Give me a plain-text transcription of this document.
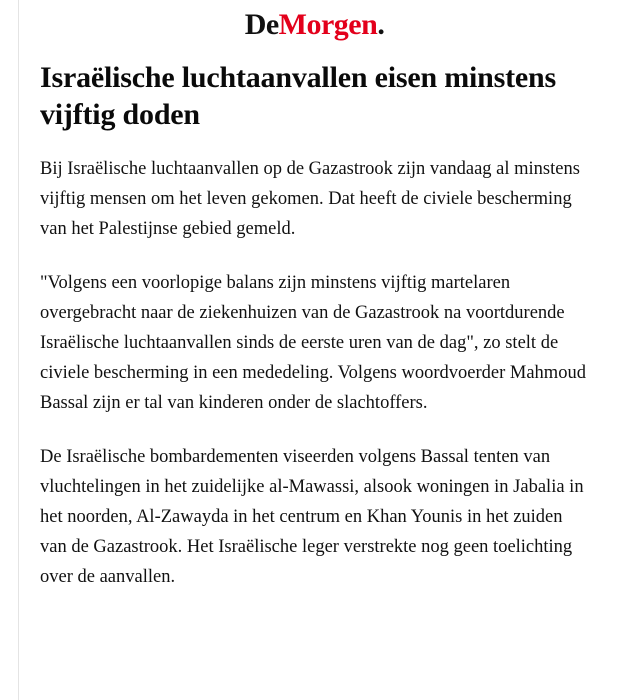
DeMorgen.
Israëlische luchtaanvallen eisen minstens vijftig doden

Bij Israëlische luchtaanvallen op de Gazastrook zijn vandaag al minstens vijftig mensen om het leven gekomen. Dat heeft de civiele bescherming van het Palestijnse gebied gemeld.

"Volgens een voorlopige balans zijn minstens vijftig martelaren overgebracht naar de ziekenhuizen van de Gazastrook na voortdurende Israëlische luchtaanvallen sinds de eerste uren van de dag", zo stelt de civiele bescherming in een mededeling. Volgens woordvoerder Mahmoud Bassal zijn er tal van kinderen onder de slachtoffers.

De Israëlische bombardementen viseerden volgens Bassal tenten van vluchtelingen in het zuidelijke al-Mawassi, alsook woningen in Jabalia in het noorden, Al-Zawayda in het centrum en Khan Younis in het zuiden van de Gazastrook. Het Israëlische leger verstrekte nog geen toelichting over de aanvallen.
